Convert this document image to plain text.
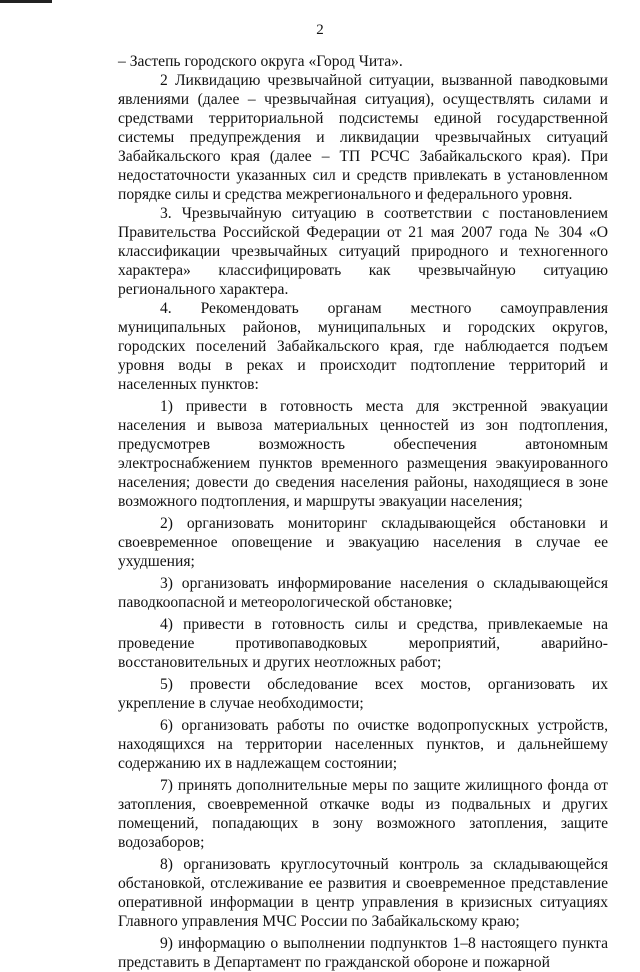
2

– Застепь городского округа «Город Чита».

2 Ликвидацию чрезвычайной ситуации, вызванной паводковыми явлениями (далее – чрезвычайная ситуация), осуществлять силами и средствами территориальной подсистемы единой государственной системы предупреждения и ликвидации чрезвычайных ситуаций Забайкальского края (далее – ТП РСЧС Забайкальского края). При недостаточности указанных сил и средств привлекать в установленном порядке силы и средства межрегионального и федерального уровня.

3. Чрезвычайную ситуацию в соответствии с постановлением Правительства Российской Федерации от 21 мая 2007 года № 304 «О классификации чрезвычайных ситуаций природного и техногенного характера» классифицировать как чрезвычайную ситуацию регионального характера.

4. Рекомендовать органам местного самоуправления муниципальных районов, муниципальных и городских округов, городских поселений Забайкальского края, где наблюдается подъем уровня воды в реках и происходит подтопление территорий и населенных пунктов:

1) привести в готовность места для экстренной эвакуации населения и вывоза материальных ценностей из зон подтопления, предусмотрев возможность обеспечения автономным электроснабжением пунктов временного размещения эвакуированного населения; довести до сведения населения районы, находящиеся в зоне возможного подтопления, и маршруты эвакуации населения;

2) организовать мониторинг складывающейся обстановки и своевременное оповещение и эвакуацию населения в случае ее ухудшения;

3) организовать информирование населения о складывающейся паводкоопасной и метеорологической обстановке;

4) привести в готовность силы и средства, привлекаемые на проведение противопаводковых мероприятий, аварийно-восстановительных и других неотложных работ;

5) провести обследование всех мостов, организовать их укрепление в случае необходимости;

6) организовать работы по очистке водопропускных устройств, находящихся на территории населенных пунктов, и дальнейшему содержанию их в надлежащем состоянии;

7) принять дополнительные меры по защите жилищного фонда от затопления, своевременной откачке воды из подвальных и других помещений, попадающих в зону возможного затопления, защите водозаборов;

8) организовать круглосуточный контроль за складывающейся обстановкой, отслеживание ее развития и своевременное представление оперативной информации в центр управления в кризисных ситуациях Главного управления МЧС России по Забайкальскому краю;

9) информацию о выполнении подпунктов 1–8 настоящего пункта представить в Департамент по гражданской обороне и пожарной
